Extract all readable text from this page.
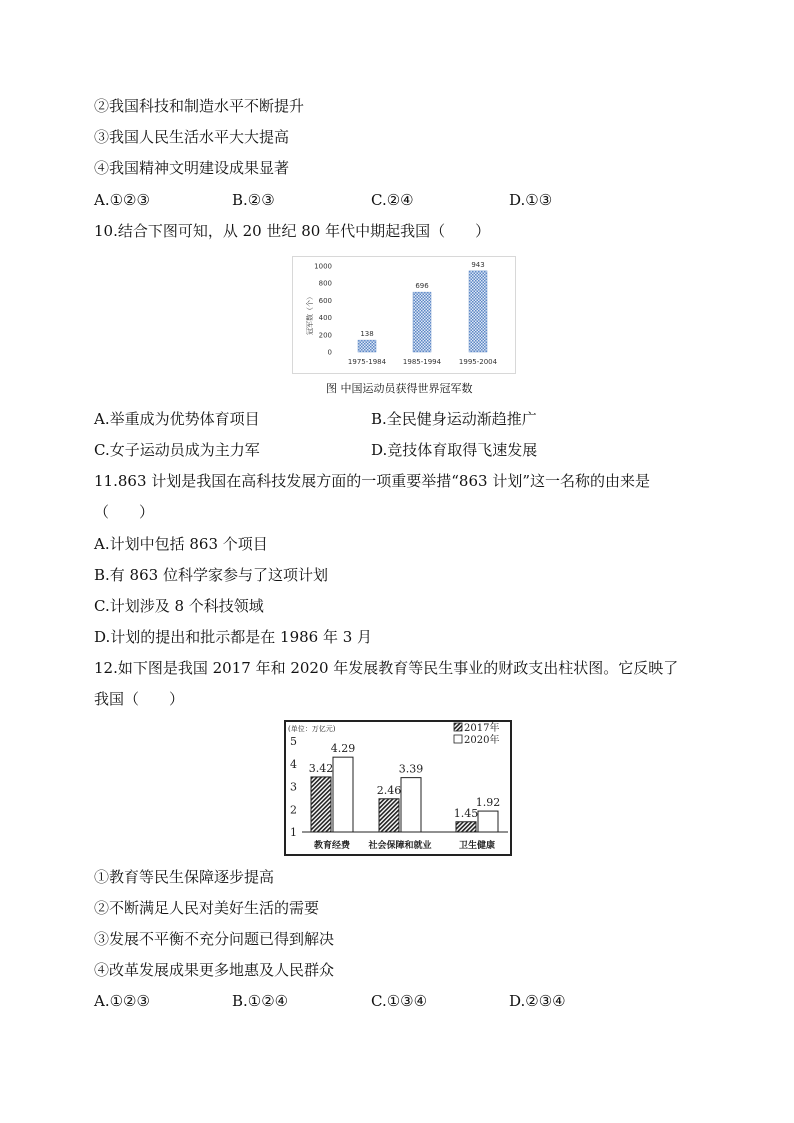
②我国科技和制造水平不断提升
③我国人民生活水平大大提高
④我国精神文明建设成果显著
A.①②③	B.②③	C.②④	D.①③
10.结合下图可知，从 20 世纪 80 年代中期起我国（　　）
冠军数（个）
0
200
400
600
800
1000
138
696
943
1975-1984 1985-1994	1995-2004
图 中国运动员获得世界冠军数
A.举重成为优势体育项目	B.全民健身运动渐趋推广
C.女子运动员成为主力军	D.竞技体育取得飞速发展
11.863 计划是我国在高科技发展方面的一项重要举措“863 计划”这一名称的由来是
（　　）
A.计划中包括 863 个项目
B.有 863 位科学家参与了这项计划
C.计划涉及 8 个科技领域
D.计划的提出和批示都是在 1986 年 3 月
12.如下图是我国 2017 年和 2020 年发展教育等民生事业的财政支出柱状图。它反映了
我国（　　）
(单位：万亿元)	2017年
2020年
1
2
3
4
5
3.42
4.29
2.46
3.39
1.45
1.92
教育经费 社会保障和就业	卫生健康
①教育等民生保障逐步提高
②不断满足人民对美好生活的需要
③发展不平衡不充分问题已得到解决
④改革发展成果更多地惠及人民群众
A.①②③	B.①②④	C.①③④	D.②③④
